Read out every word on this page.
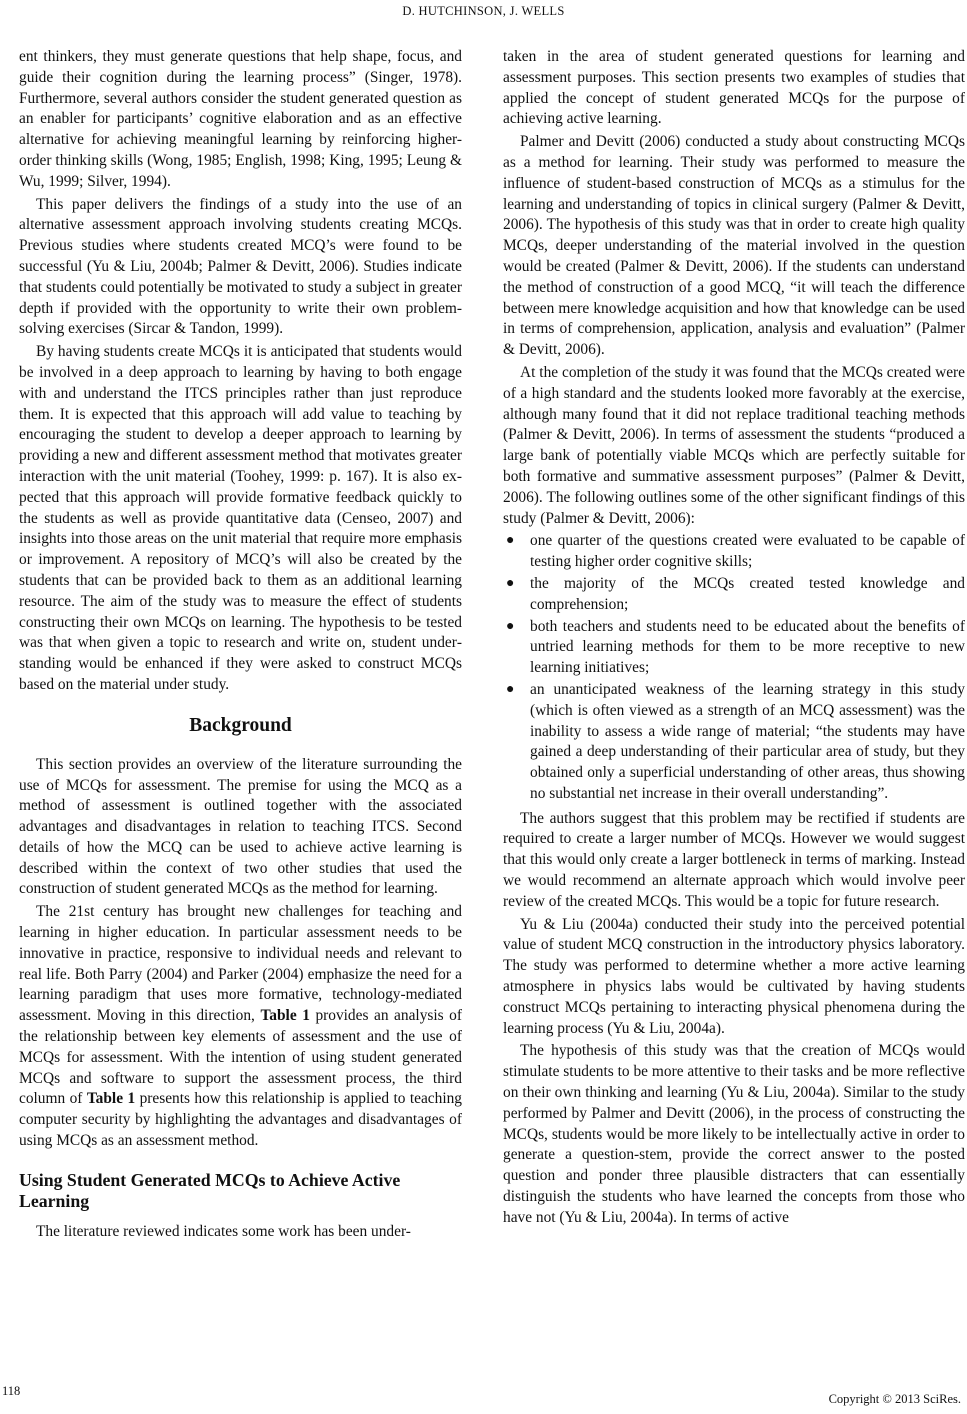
D. HUTCHINSON, J. WELLS

ent thinkers, they must generate questions that help shape, focus, and guide their cognition during the learning process” (Singer, 1978). Furthermore, several authors consider the student generated question as an enabler for participants’ cognitive elaboration and as an effective alternative for achieving meaningful learning by reinforcing higher-order thinking skills (Wong, 1985; English, 1998; King, 1995; Leung & Wu, 1999; Silver, 1994).

This paper delivers the findings of a study into the use of an alternative assessment approach involving students creating MCQs. Previous studies where students created MCQ’s were found to be successful (Yu & Liu, 2004b; Palmer & Devitt, 2006). Studies indicate that students could potentially be motivated to study a subject in greater depth if provided with the opportunity to write their own problem-solving exercises (Sircar & Tandon, 1999).

By having students create MCQs it is anticipated that students would be involved in a deep approach to learning by having to both engage with and understand the ITCS principles rather than just reproduce them. It is expected that this approach will add value to teaching by encouraging the student to develop a deeper approach to learning by providing a new and different assessment method that motivates greater interaction with the unit material (Toohey, 1999: p. 167). It is also expected that this approach will provide formative feedback quickly to the students as well as provide quantitative data (Censeo, 2007) and insights into those areas on the unit material that require more emphasis or improvement. A repository of MCQ’s will also be created by the students that can be provided back to them as an additional learning resource. The aim of the study was to measure the effect of students constructing their own MCQs on learning. The hypothesis to be tested was that when given a topic to research and write on, student understanding would be enhanced if they were asked to construct MCQs based on the material under study.

Background

This section provides an overview of the literature surrounding the use of MCQs for assessment. The premise for using the MCQ as a method of assessment is outlined together with the associated advantages and disadvantages in relation to teaching ITCS. Second details of how the MCQ can be used to achieve active learning is described within the context of two other studies that used the construction of student generated MCQs as the method for learning.

The 21st century has brought new challenges for teaching and learning in higher education. In particular assessment needs to be innovative in practice, responsive to individual needs and relevant to real life. Both Parry (2004) and Parker (2004) emphasize the need for a learning paradigm that uses more formative, technology-mediated assessment. Moving in this direction, Table 1 provides an analysis of the relationship between key elements of assessment and the use of MCQs for assessment. With the intention of using student generated MCQs and software to support the assessment process, the third column of Table 1 presents how this relationship is applied to teaching computer security by highlighting the advantages and disadvantages of using MCQs as an assessment method.

Using Student Generated MCQs to Achieve Active Learning

The literature reviewed indicates some work has been under-

taken in the area of student generated questions for learning and assessment purposes. This section presents two examples of studies that applied the concept of student generated MCQs for the purpose of achieving active learning.

Palmer and Devitt (2006) conducted a study about constructing MCQs as a method for learning. Their study was performed to measure the influence of student-based construction of MCQs as a stimulus for the learning and understanding of topics in clinical surgery (Palmer & Devitt, 2006). The hypothesis of this study was that in order to create high quality MCQs, deeper understanding of the material involved in the question would be created (Palmer & Devitt, 2006). If the students can understand the method of construction of a good MCQ, “it will teach the difference between mere knowledge acquisition and how that knowledge can be used in terms of comprehension, application, analysis and evaluation” (Palmer & Devitt, 2006).

At the completion of the study it was found that the MCQs created were of a high standard and the students looked more favorably at the exercise, although many found that it did not replace traditional teaching methods (Palmer & Devitt, 2006). In terms of assessment the students “produced a large bank of potentially viable MCQs which are perfectly suitable for both formative and summative assessment purposes” (Palmer & Devitt, 2006). The following outlines some of the other significant findings of this study (Palmer & Devitt, 2006):

● one quarter of the questions created were evaluated to be capable of testing higher order cognitive skills;
● the majority of the MCQs created tested knowledge and comprehension;
● both teachers and students need to be educated about the benefits of untried learning methods for them to be more receptive to new learning initiatives;
● an unanticipated weakness of the learning strategy in this study (which is often viewed as a strength of an MCQ assessment) was the inability to assess a wide range of material; “the students may have gained a deep understanding of their particular area of study, but they obtained only a superficial understanding of other areas, thus showing no substantial net increase in their overall understanding”.

The authors suggest that this problem may be rectified if students are required to create a larger number of MCQs. However we would suggest that this would only create a larger bottleneck in terms of marking. Instead we would recommend an alternate approach which would involve peer review of the created MCQs. This would be a topic for future research.

Yu & Liu (2004a) conducted their study into the perceived potential value of student MCQ construction in the introductory physics laboratory. The study was performed to determine whether a more active learning atmosphere in physics labs would be cultivated by having students construct MCQs pertaining to interacting physical phenomena during the learning process (Yu & Liu, 2004a).

The hypothesis of this study was that the creation of MCQs would stimulate students to be more attentive to their tasks and be more reflective on their own thinking and learning (Yu & Liu, 2004a). Similar to the study performed by Palmer and Devitt (2006), in the process of constructing the MCQs, students would be more likely to be intellectually active in order to generate a question-stem, provide the correct answer to the posted question and ponder three plausible distracters that can essentially distinguish the students who have learned the concepts from those who have not (Yu & Liu, 2004a). In terms of active

118
Copyright © 2013 SciRes.
